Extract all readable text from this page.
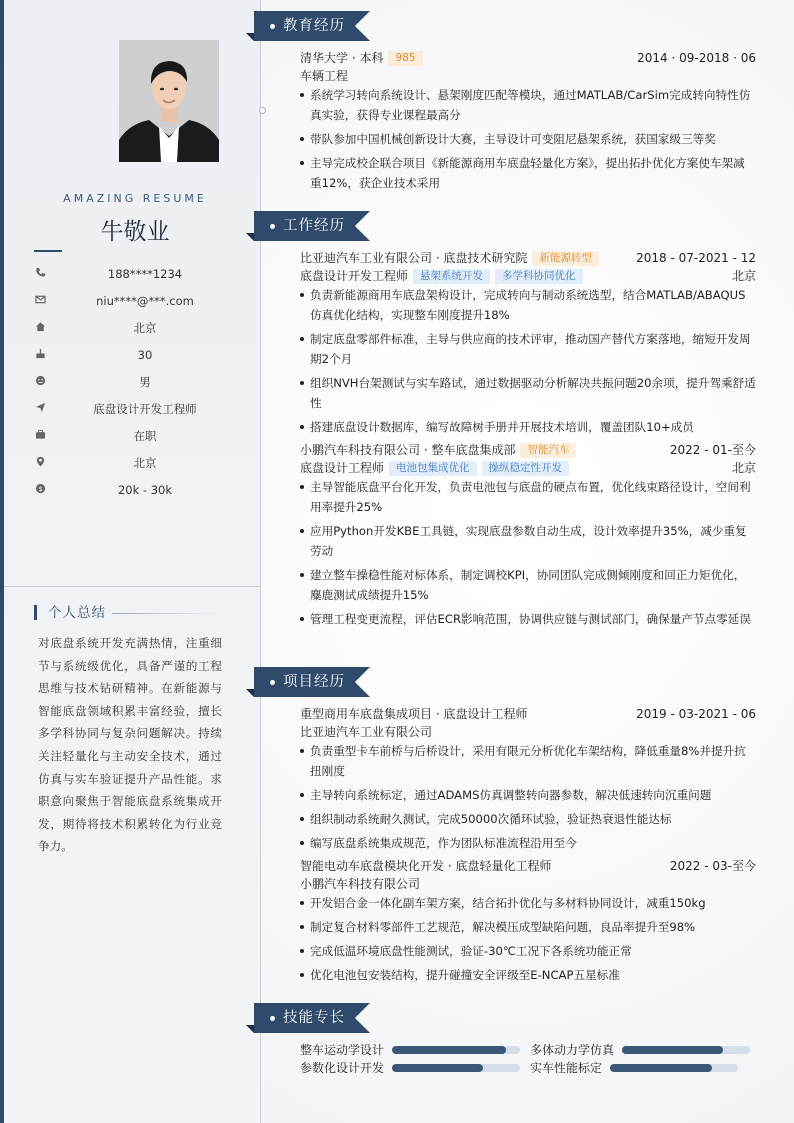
AMAZING RESUME
牛敬业
188****1234
niu****@***.com
北京
30
男
底盘设计开发工程师
在职
北京
$	20k - 30k
个人总结
对底盘系统开发充满热情，注重细节与系统级优化，具备严谨的工程思维与技术钻研精神。在新能源与智能底盘领域积累丰富经验，擅长多学科协同与复杂问题解决。持续关注轻量化与主动安全技术，通过仿真与实车验证提升产品性能。求职意向聚焦于智能底盘系统集成开发，期待将技术积累转化为行业竞争力。
教育经历
清华大学 · 本科 985	2014 · 09-2018 · 06
车辆工程
系统学习转向系统设计、悬架刚度匹配等模块，通过MATLAB/CarSim完成转向特性仿真实验，获得专业课程最高分
带队参加中国机械创新设计大赛，主导设计可变阻尼悬架系统，获国家级三等奖
主导完成校企联合项目《新能源商用车底盘轻量化方案》，提出拓扑优化方案使车架减重12%，获企业技术采用
工作经历
比亚迪汽车工业有限公司 · 底盘技术研究院 新能源转型	2018 - 07-2021 - 12
底盘设计开发工程师 悬架系统开发 多学科协同优化	北京
负责新能源商用车底盘架构设计，完成转向与制动系统选型，结合MATLAB/ABAQUS仿真优化结构，实现整车刚度提升18%
制定底盘零部件标准，主导与供应商的技术评审，推动国产替代方案落地，缩短开发周期2个月
组织NVH台架测试与实车路试，通过数据驱动分析解决共振问题20余项，提升驾乘舒适性
搭建底盘设计数据库，编写故障树手册并开展技术培训，覆盖团队10+成员
小鹏汽车科技有限公司 · 整车底盘集成部 智能汽车	2022 - 01-至今
底盘设计工程师 电池包集成优化 操纵稳定性开发	北京
主导智能底盘平台化开发，负责电池包与底盘的硬点布置，优化线束路径设计，空间利用率提升25%
应用Python开发KBE工具链，实现底盘参数自动生成，设计效率提升35%，减少重复劳动
建立整车操稳性能对标体系，制定调校KPI，协同团队完成侧倾刚度和回正力矩优化，麋鹿测试成绩提升15%
管理工程变更流程，评估ECR影响范围，协调供应链与测试部门，确保量产节点零延误
项目经历
重型商用车底盘集成项目 · 底盘设计工程师	2019 - 03-2021 - 06
比亚迪汽车工业有限公司
负责重型卡车前桥与后桥设计，采用有限元分析优化车架结构，降低重量8%并提升抗扭刚度
主导转向系统标定，通过ADAMS仿真调整转向器参数，解决低速转向沉重问题
组织制动系统耐久测试，完成50000次循环试验，验证热衰退性能达标
编写底盘系统集成规范，作为团队标准流程沿用至今
智能电动车底盘模块化开发 · 底盘轻量化工程师	2022 - 03-至今
小鹏汽车科技有限公司
开发铝合金一体化副车架方案，结合拓扑优化与多材料协同设计，减重150kg
制定复合材料零部件工艺规范，解决模压成型缺陷问题，良品率提升至98%
完成低温环境底盘性能测试，验证-30℃工况下各系统功能正常
优化电池包安装结构，提升碰撞安全评级至E-NCAP五星标准
技能专长
整车运动学设计	多体动力学仿真
参数化设计开发	实车性能标定
